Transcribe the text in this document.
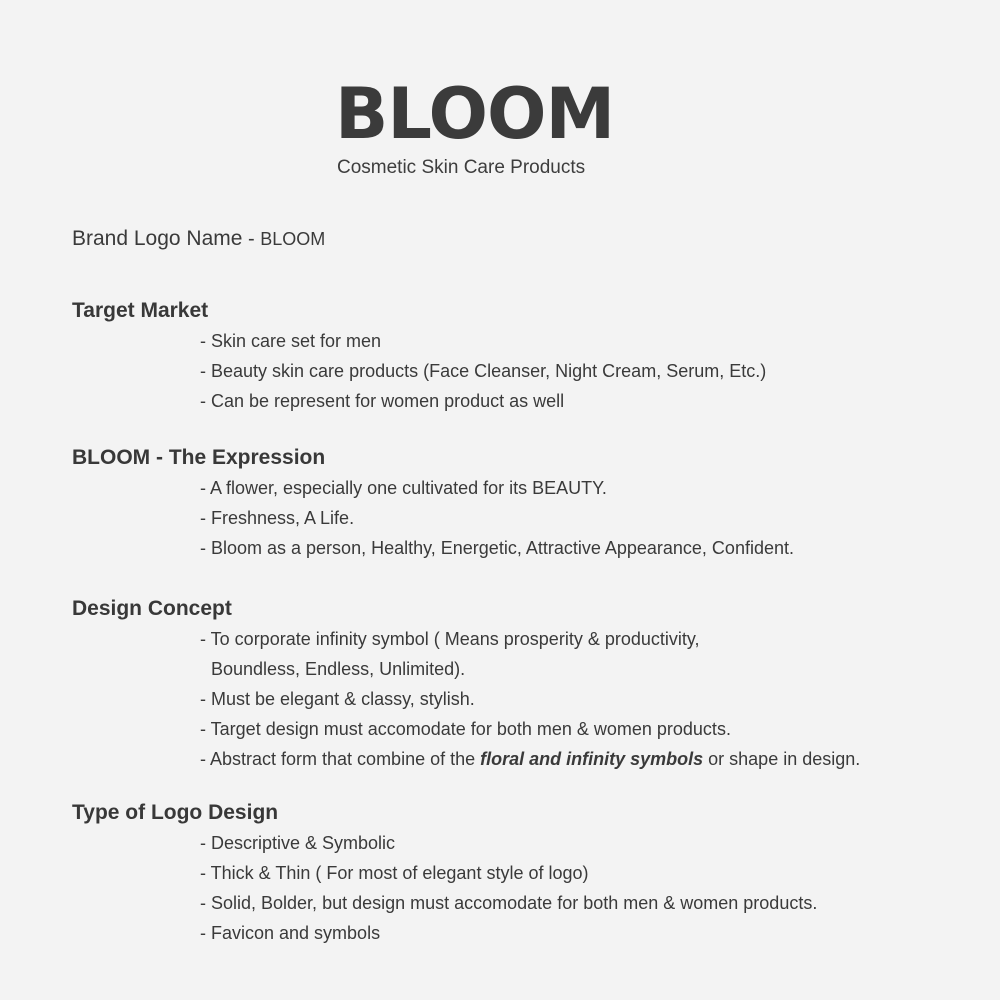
BLOOM

Cosmetic Skin Care Products

Brand Logo Name - BLOOM
Target Market
- Skin care set for men
- Beauty skin care products (Face Cleanser, Night Cream, Serum, Etc.)
- Can be represent for women product as well
BLOOM - The Expression
- A flower, especially one cultivated for its BEAUTY.
- Freshness, A Life.
- Bloom as a person, Healthy, Energetic, Attractive Appearance, Confident.
Design Concept
- To corporate infinity symbol ( Means prosperity & productivity,
Boundless, Endless, Unlimited).
- Must be elegant & classy, stylish.
- Target design must accomodate for both men & women products.
- Abstract form that combine of the floral and infinity symbols or shape in design.
Type of Logo Design
- Descriptive & Symbolic
- Thick & Thin ( For most of elegant style of logo)
- Solid, Bolder, but design must accomodate for both men & women products.
- Favicon and symbols
